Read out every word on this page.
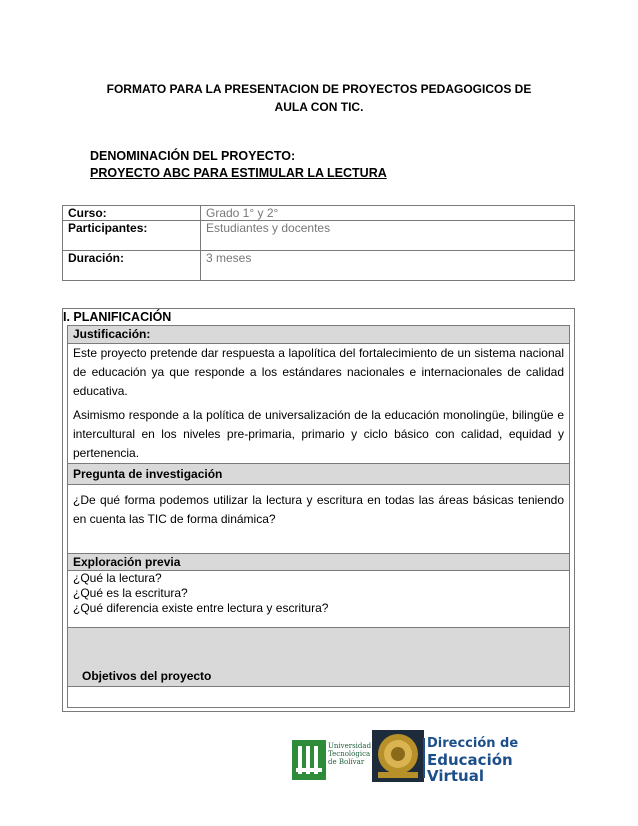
FORMATO PARA LA PRESENTACION DE PROYECTOS PEDAGOGICOS DE
AULA CON TIC.
DENOMINACIÓN DEL PROYECTO:
PROYECTO ABC PARA ESTIMULAR LA LECTURA
Curso:	Grado 1° y 2°
Participantes:	Estudiantes y docentes
Duración:	3 meses
I. PLANIFICACIÓN
Justificación:

Este proyecto pretende dar respuesta a lapolítica del fortalecimiento de un sistema nacional de educación ya que responde a los estándares nacionales e internacionales de calidad educativa.

Asimismo responde a la política de universalización de la educación monolingüe, bilingüe e intercultural en los niveles pre-primaria, primario y ciclo básico con calidad, equidad y pertenencia.

Pregunta de investigación
¿De qué forma podemos utilizar la lectura y escritura en todas las áreas básicas teniendo en cuenta las TIC de forma dinámica?
Exploración previa

¿Qué la lectura?
¿Qué es la escritura?
¿Qué diferencia existe entre lectura y escritura?

Objetivos del proyecto

Universidad
Tecnológica
de Bolívar
Dirección de
Educación Virtual
